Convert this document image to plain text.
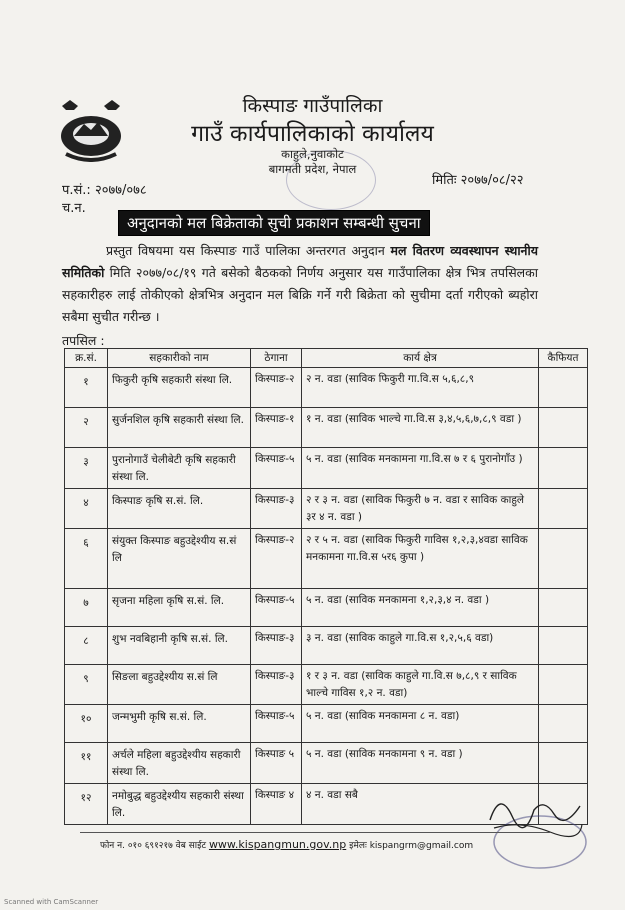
किस्पाङ गाउँपालिका
गाउँ कार्यपालिकाको कार्यालय
काहुले,नुवाकोट
बागमती प्रदेश, नेपाल
प.सं.: २०७७/०७८
च.न.
मितिः २०७७/०८/२२
अनुदानको मल बिक्रेताको सुची प्रकाशन सम्बन्धी सुचना
प्रस्तुत विषयमा यस किस्पाङ गाउँ पालिका अन्तरगत अनुदान मल वितरण व्यवस्थापन स्थानीय समितिको मिति २०७७/०८/१९ गते बसेको बैठकको निर्णय अनुसार यस गाउँपालिका क्षेत्र भित्र तपसिलका सहकारीहरु लाई तोकीएको क्षेत्रभित्र अनुदान मल बिक्रि गर्ने गरी बिक्रेता को सुचीमा दर्ता गरीएको ब्यहोरा सबैमा सुचीत गरीन्छ ।
तपसिल :
क्र.सं.	सहकारीको नाम	ठेगाना	कार्य क्षेत्र	कैफियत
१	फिकुरी कृषि सहकारी संस्था लि.	किस्पाङ-२	२ न. वडा (साविक फिकुरी गा.वि.स ५,६,८,९	
२	सुर्जनशिल कृषि सहकारी संस्था लि.	किस्पाङ-१	१ न. वडा (साविक भाल्चे गा.वि.स ३,४,५,६,७,८,९ वडा )	
३	पुरानोगाउँ चेलीबेटी कृषि सहकारी संस्था लि.	किस्पाङ-५	५ न. वडा (साविक मनकामना गा.वि.स ७ र ६ पुरानोगाँउ )	
४	किस्पाङ कृषि स.सं. लि.	किस्पाङ-३	२ र ३ न. वडा (साविक फिकुरी ७ न. वडा र साविक काहुले ३र ४ न. वडा )	
६	संयुक्त किस्पाङ बहुउद्देश्यीय स.सं लि	किस्पाङ-२	२ र ५ न. वडा (साविक फिकुरी गाविस १,२,३,४वडा साविक मनकामना गा.वि.स ५र६ कुपा )	
७	सृजना महिला कृषि स.सं. लि.	किस्पाङ-५	५ न. वडा (साविक मनकामना १,२,३,४ न. वडा )	
८	शुभ नवबिहानी कृषि स.सं. लि.	किस्पाङ-३	३ न. वडा (साविक काहुले गा.वि.स १,२,५,६ वडा)	
९	सिङला बहुउद्देश्यीय स.सं लि	किस्पाङ-३	१ र ३ न. वडा (साविक काहुले गा.वि.स ७,८,९ र साविक भाल्चे गाविस १,२ न. वडा)	
१०	जन्मभुमी कृषि स.सं. लि.	किस्पाङ-५	५ न. वडा (साविक मनकामना ८ न. वडा)	
११	अर्चले महिला बहुउद्देश्यीय सहकारी संस्था लि.	किस्पाङ ५	५ न. वडा (साविक मनकामना ९ न. वडा )	
१२	नमोबुद्ध बहुउद्देश्यीय सहकारी संस्था लि.	किस्पाङ ४	४ न. वडा सबै	
फोन न. ०१० ६९१२१७ वेब साईट www.kispangmun.gov.np इमेलः kispangrm@gmail.com
Scanned with CamScanner
